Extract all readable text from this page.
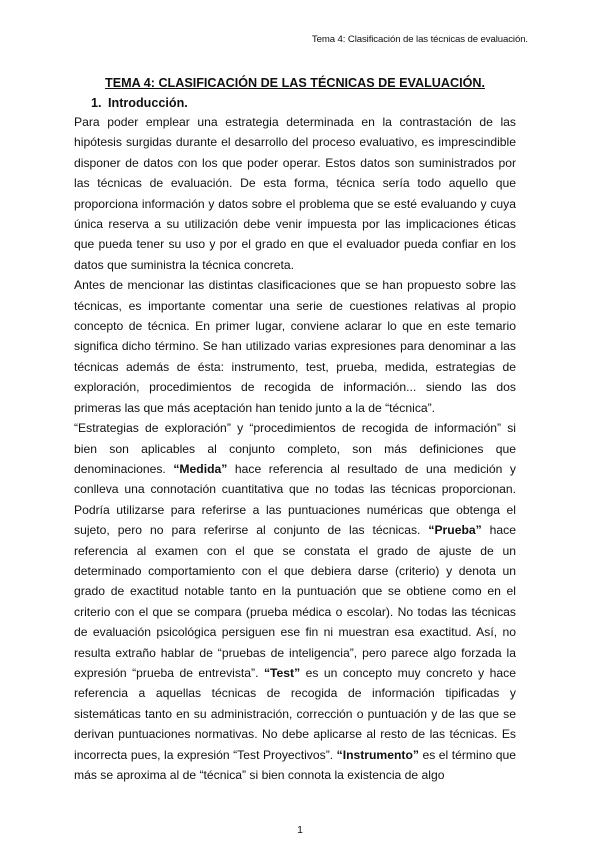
Tema 4: Clasificación de las técnicas de evaluación.
TEMA 4: CLASIFICACIÓN DE LAS TÉCNICAS DE EVALUACIÓN.
1. Introducción.

Para poder emplear una estrategia determinada en la contrastación de las hipótesis surgidas durante el desarrollo del proceso evaluativo, es imprescindible disponer de datos con los que poder operar. Estos datos son suministrados por las técnicas de evaluación. De esta forma, técnica sería todo aquello que proporciona información y datos sobre el problema que se esté evaluando y cuya única reserva a su utilización debe venir impuesta por las implicaciones éticas que pueda tener su uso y por el grado en que el evaluador pueda confiar en los datos que suministra la técnica concreta.

Antes de mencionar las distintas clasificaciones que se han propuesto sobre las técnicas, es importante comentar una serie de cuestiones relativas al propio concepto de técnica. En primer lugar, conviene aclarar lo que en este temario significa dicho término. Se han utilizado varias expresiones para denominar a las técnicas además de ésta: instrumento, test, prueba, medida, estrategias de exploración, procedimientos de recogida de información... siendo las dos primeras las que más aceptación han tenido junto a la de “técnica”.

“Estrategias de exploración” y “procedimientos de recogida de información” si bien son aplicables al conjunto completo, son más definiciones que denominaciones. “Medida” hace referencia al resultado de una medición y conlleva una connotación cuantitativa que no todas las técnicas proporcionan. Podría utilizarse para referirse a las puntuaciones numéricas que obtenga el sujeto, pero no para referirse al conjunto de las técnicas. “Prueba” hace referencia al examen con el que se constata el grado de ajuste de un determinado comportamiento con el que debiera darse (criterio) y denota un grado de exactitud notable tanto en la puntuación que se obtiene como en el criterio con el que se compara (prueba médica o escolar). No todas las técnicas de evaluación psicológica persiguen ese fin ni muestran esa exactitud. Así, no resulta extraño hablar de “pruebas de inteligencia”, pero parece algo forzada la expresión “prueba de entrevista”. “Test” es un concepto muy concreto y hace referencia a aquellas técnicas de recogida de información tipificadas y sistemáticas tanto en su administración, corrección o puntuación y de las que se derivan puntuaciones normativas. No debe aplicarse al resto de las técnicas. Es incorrecta pues, la expresión “Test Proyectivos”. “Instrumento” es el término que más se aproxima al de “técnica” si bien connota la existencia de algo

1
